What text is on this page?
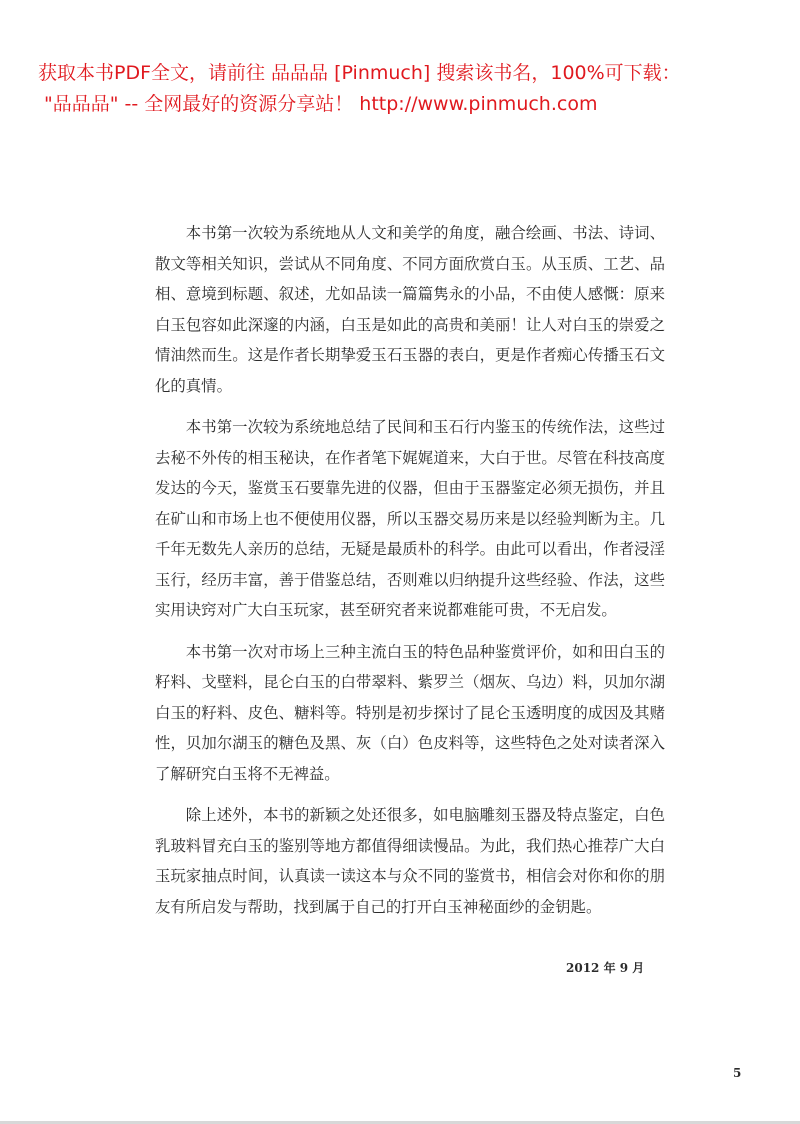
获取本书PDF全文，请前往 品品品 [Pinmuch] 搜索该书名，100%可下载：
"品品品" -- 全网最好的资源分享站！ http://www.pinmuch.com

本书第一次较为系统地从人文和美学的角度，融合绘画、书法、诗词、散文等相关知识，尝试从不同角度、不同方面欣赏白玉。从玉质、工艺、品相、意境到标题、叙述，尤如品读一篇篇隽永的小品，不由使人感慨：原来白玉包容如此深邃的内涵，白玉是如此的高贵和美丽！让人对白玉的崇爱之情油然而生。这是作者长期挚爱玉石玉器的表白，更是作者痴心传播玉石文化的真情。

本书第一次较为系统地总结了民间和玉石行内鉴玉的传统作法，这些过去秘不外传的相玉秘诀，在作者笔下娓娓道来，大白于世。尽管在科技高度发达的今天，鉴赏玉石要靠先进的仪器，但由于玉器鉴定必须无损伤，并且在矿山和市场上也不便使用仪器，所以玉器交易历来是以经验判断为主。几千年无数先人亲历的总结，无疑是最质朴的科学。由此可以看出，作者浸淫玉行，经历丰富，善于借鉴总结，否则难以归纳提升这些经验、作法，这些实用诀窍对广大白玉玩家，甚至研究者来说都难能可贵，不无启发。

本书第一次对市场上三种主流白玉的特色品种鉴赏评价，如和田白玉的籽料、戈壁料，昆仑白玉的白带翠料、紫罗兰（烟灰、乌边）料，贝加尔湖白玉的籽料、皮色、糖料等。特别是初步探讨了昆仑玉透明度的成因及其赌性，贝加尔湖玉的糖色及黑、灰（白）色皮料等，这些特色之处对读者深入了解研究白玉将不无裨益。

除上述外，本书的新颖之处还很多，如电脑雕刻玉器及特点鉴定，白色乳玻料冒充白玉的鉴别等地方都值得细读慢品。为此，我们热心推荐广大白玉玩家抽点时间，认真读一读这本与众不同的鉴赏书，相信会对你和你的朋友有所启发与帮助，找到属于自己的打开白玉神秘面纱的金钥匙。

2012 年 9 月
5
